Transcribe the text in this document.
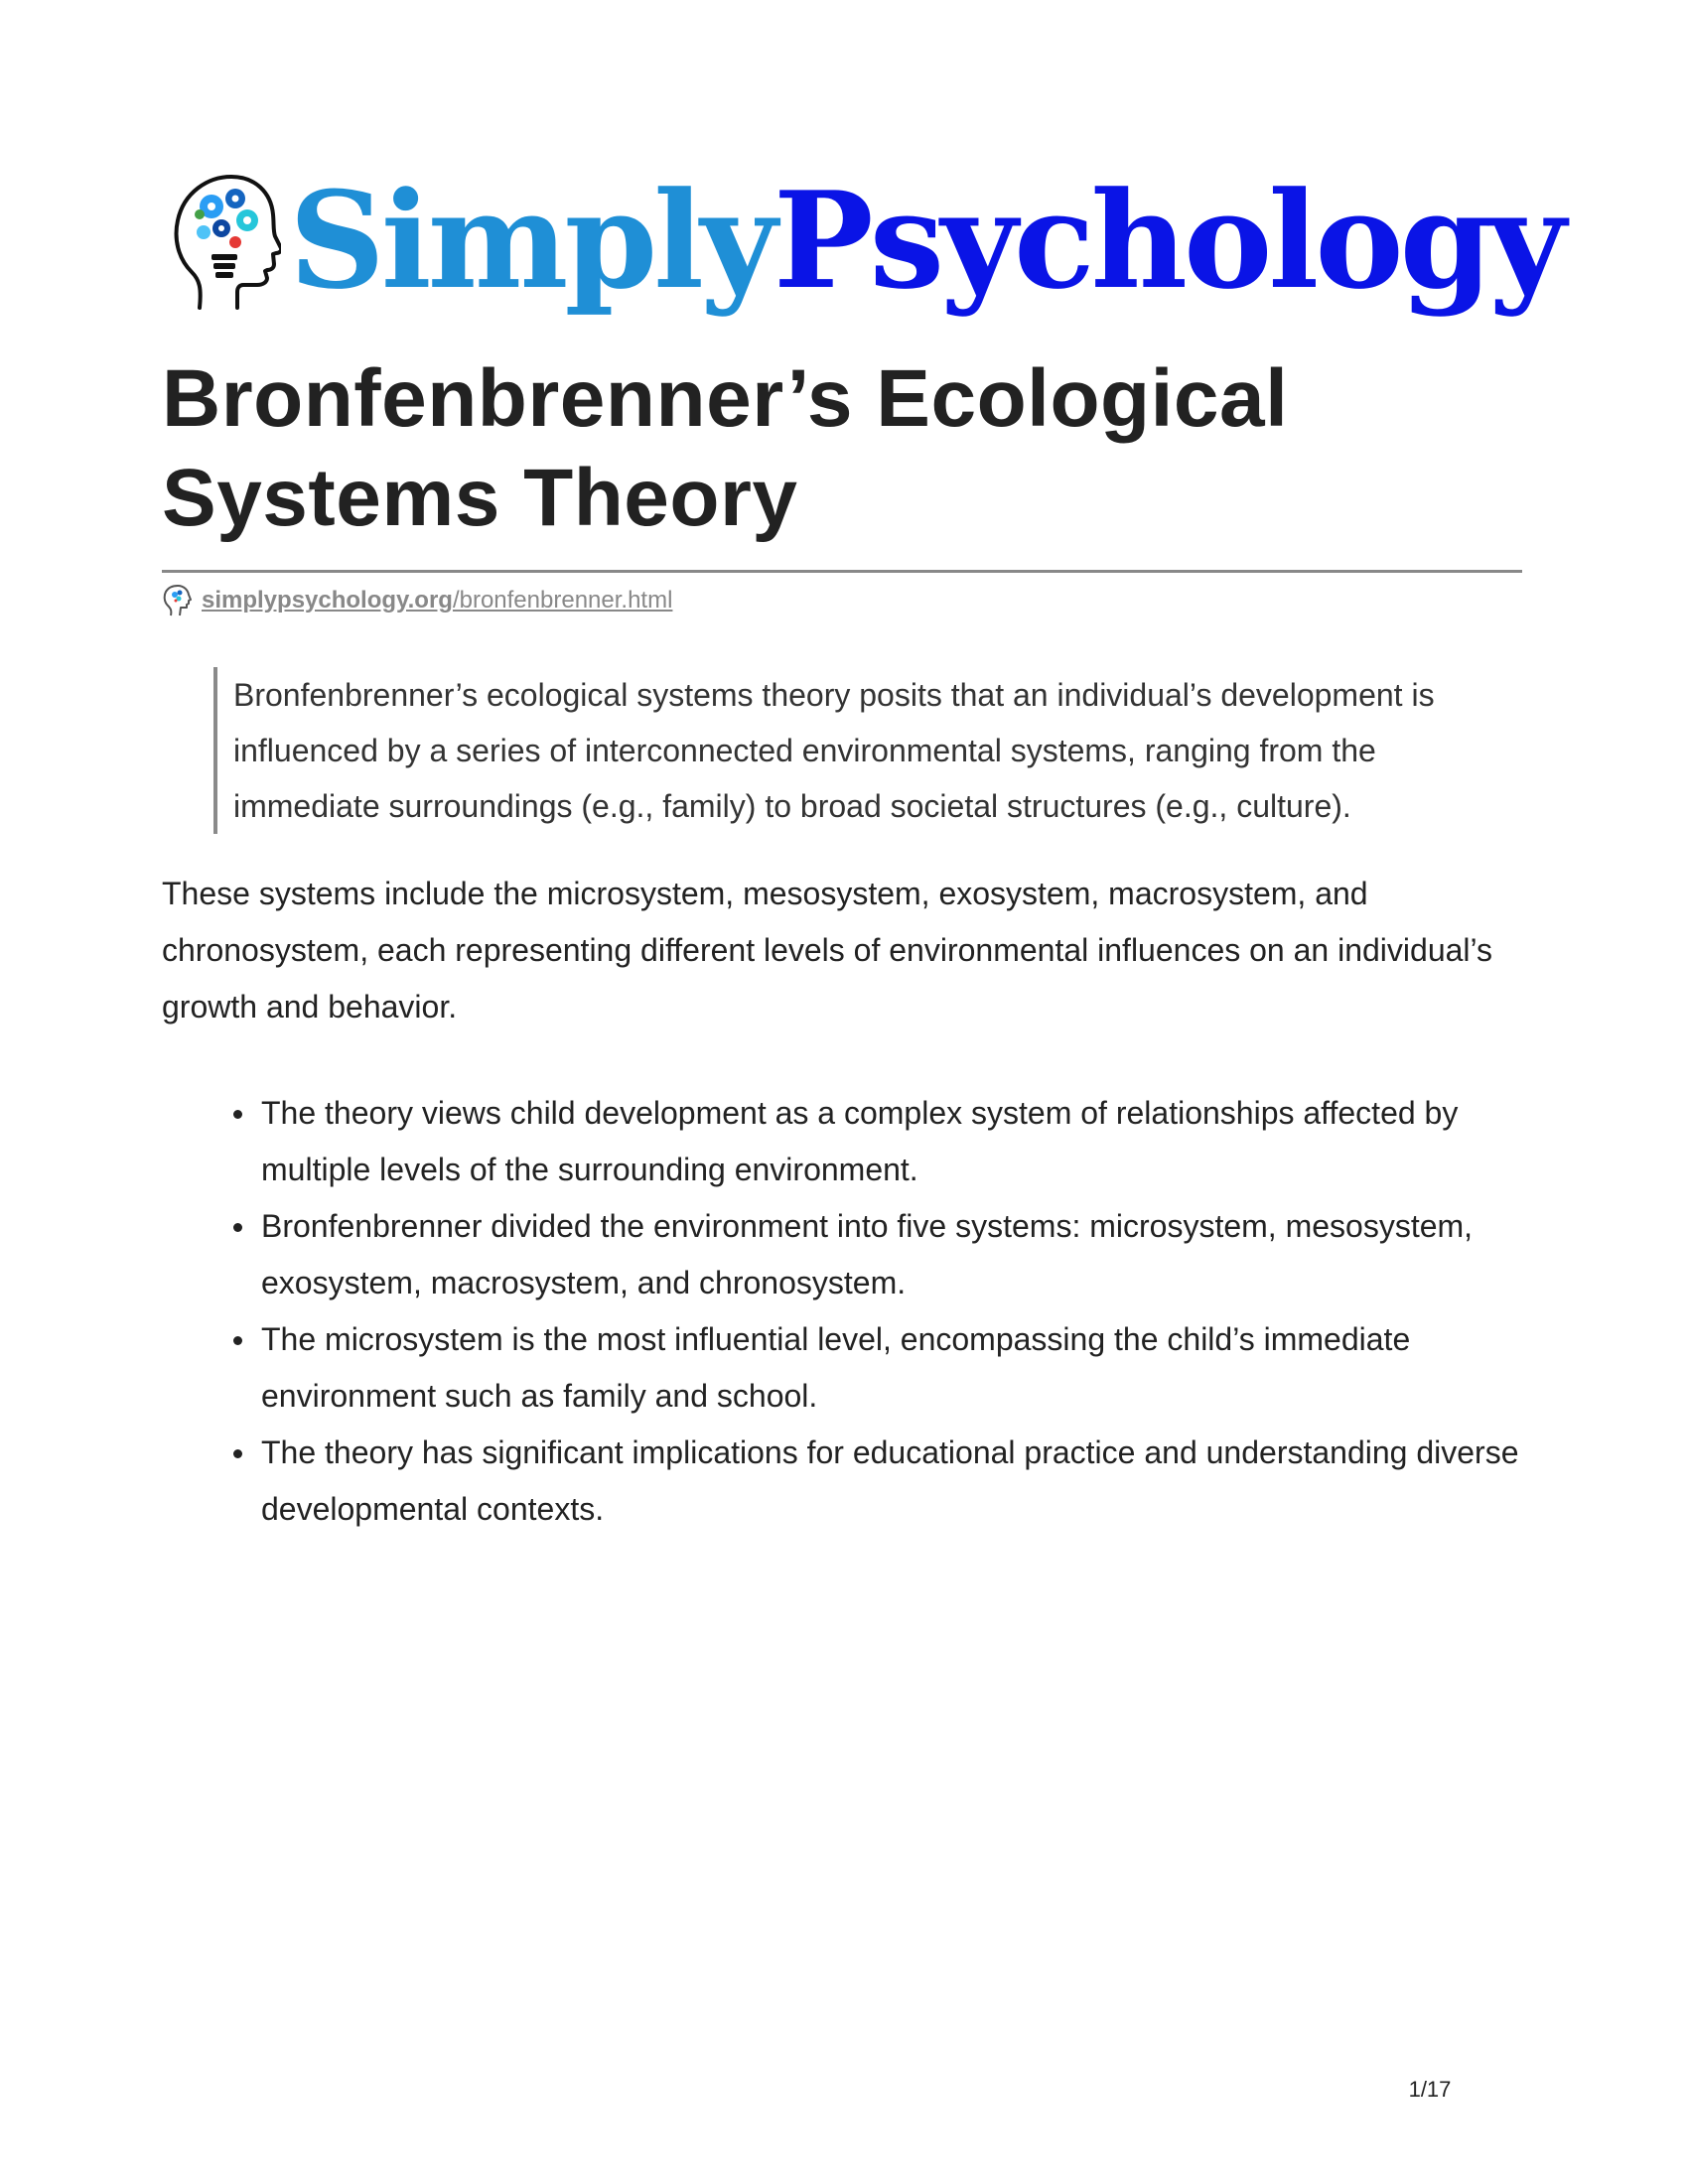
SimplyPsychology
Bronfenbrenner’s Ecological Systems Theory
simplypsychology.org/bronfenbrenner.html
Bronfenbrenner’s ecological systems theory posits that an individual’s development is influenced by a series of interconnected environmental systems, ranging from the immediate surroundings (e.g., family) to broad societal structures (e.g., culture).

These systems include the microsystem, mesosystem, exosystem, macrosystem, and chronosystem, each representing different levels of environmental influences on an individual’s growth and behavior.

The theory views child development as a complex system of relationships affected by multiple levels of the surrounding environment.
Bronfenbrenner divided the environment into five systems: microsystem, mesosystem, exosystem, macrosystem, and chronosystem.
The microsystem is the most influential level, encompassing the child’s immediate environment such as family and school.
The theory has significant implications for educational practice and understanding diverse developmental contexts.
1/17
